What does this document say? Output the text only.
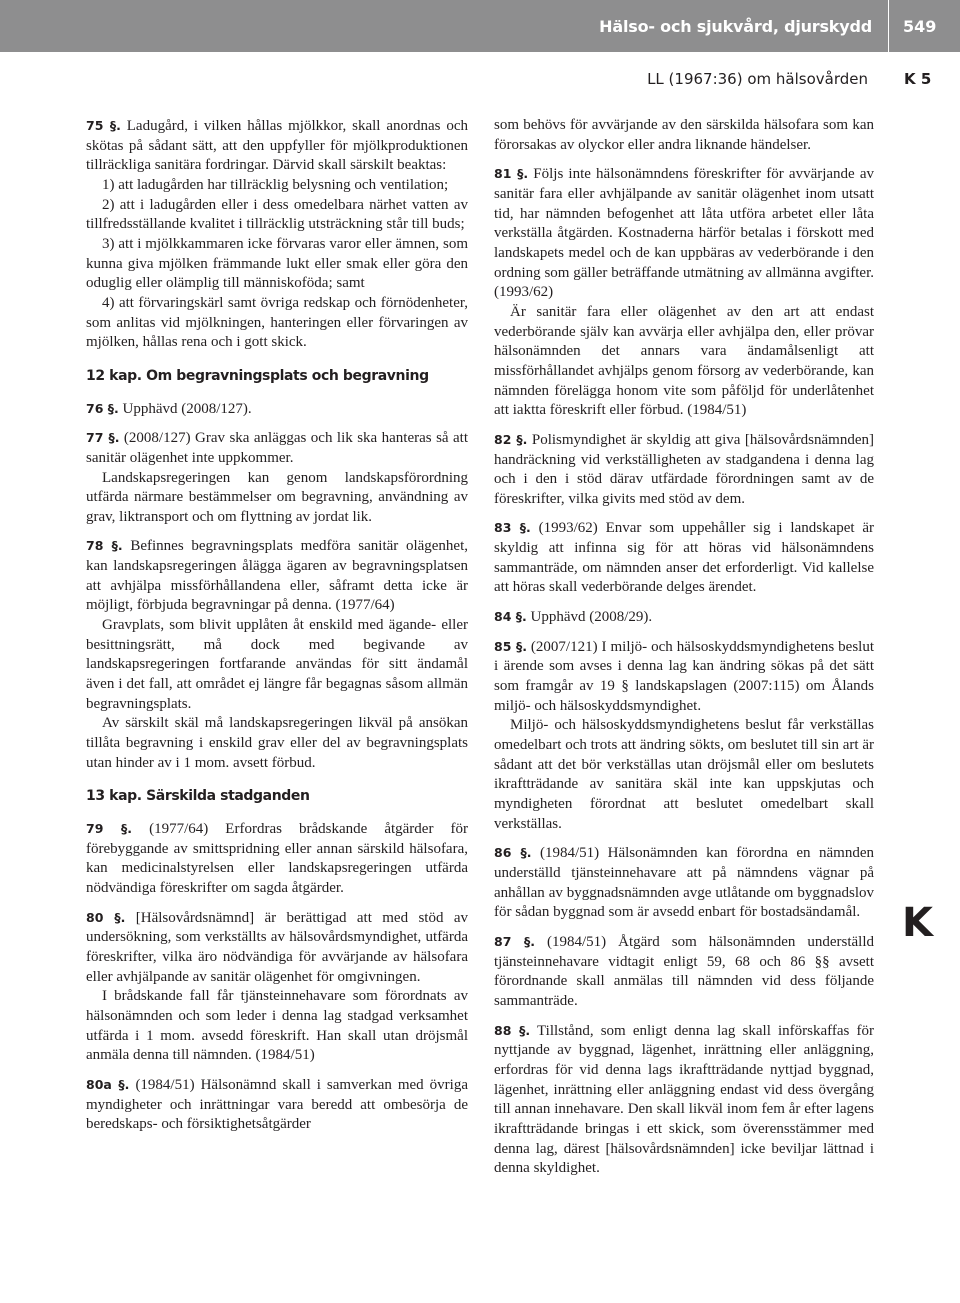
Hälso- och sjukvård, djurskydd 549
LL (1967:36) om hälsovården K 5

75 §. Ladugård, i vilken hållas mjölkkor, skall anordnas och skötas på sådant sätt, att den uppfyller för mjölkproduktionen tillräckliga sanitära fordringar. Därvid skall särskilt beaktas:

1) att ladugården har tillräcklig belysning och ventilation;

2) att i ladugården eller i dess omedelbara närhet vatten av tillfredsställande kvalitet i tillräcklig utsträckning står till buds;

3) att i mjölkkammaren icke förvaras varor eller ämnen, som kunna giva mjölken främmande lukt eller smak eller göra den oduglig eller olämplig till människoföda; samt

4) att förvaringskärl samt övriga redskap och förnödenheter, som anlitas vid mjölkningen, hanteringen eller förvaringen av mjölken, hållas rena och i gott skick.

12 kap. Om begravningsplats och begravning

76 §. Upphävd (2008/127).

77 §. (2008/127) Grav ska anläggas och lik ska hanteras så att sanitär olägenhet inte uppkommer.

Landskapsregeringen kan genom landskapsförordning utfärda närmare bestämmelser om begravning, användning av grav, liktransport och om flyttning av jordat lik.

78 §. Befinnes begravningsplats medföra sanitär olägenhet, kan landskapsregeringen ålägga ägaren av begravningsplatsen att avhjälpa missförhållandena eller, såframt detta icke är möjligt, förbjuda begravningar på denna. (1977/64)

Gravplats, som blivit upplåten åt enskild med ägande- eller besittningsrätt, må dock med begivande av landskapsregeringen fortfarande användas för sitt ändamål även i det fall, att området ej längre får begagnas såsom allmän begravningsplats.

Av särskilt skäl må landskapsregeringen likväl på ansökan tillåta begravning i enskild grav eller del av begravningsplats utan hinder av i 1 mom. avsett förbud.

13 kap. Särskilda stadganden

79 §. (1977/64) Erfordras brådskande åtgärder för förebyggande av smittspridning eller annan särskild hälsofara, kan medicinalstyrelsen eller landskapsregeringen utfärda nödvändiga föreskrifter om sagda åtgärder.

80 §. [Hälsovårdsnämnd] är berättigad att med stöd av undersökning, som verkställts av hälsovårdsmyndighet, utfärda föreskrifter, vilka äro nödvändiga för avvärjande av hälsofara eller avhjälpande av sanitär olägenhet för omgivningen.

I brådskande fall får tjänsteinnehavare som förordnats av hälsonämnden och som leder i denna lag stadgad verksamhet utfärda i 1 mom. avsedd föreskrift. Han skall utan dröjsmål anmäla denna till nämnden. (1984/51)

80a §. (1984/51) Hälsonämnd skall i samverkan med övriga myndigheter och inrättningar vara beredd att ombesörja de beredskaps- och försiktighetsåtgärder

som behövs för avvärjande av den särskilda hälsofara som kan förorsakas av olyckor eller andra liknande händelser.

81 §. Följs inte hälsonämndens föreskrifter för avvärjande av sanitär fara eller avhjälpande av sanitär olägenhet inom utsatt tid, har nämnden befogenhet att låta utföra arbetet eller låta verkställa åtgärden. Kostnaderna härför betalas i förskott med landskapets medel och de kan uppbäras av vederbörande i den ordning som gäller beträffande utmätning av allmänna avgifter. (1993/62)

Är sanitär fara eller olägenhet av den art att endast vederbörande själv kan avvärja eller avhjälpa den, eller prövar hälsonämnden det annars vara ändamålsenligt att missförhållandet avhjälps genom försorg av vederbörande, kan nämnden förelägga honom vite som påföljd för underlåtenhet att iaktta föreskrift eller förbud. (1984/51)

82 §. Polismyndighet är skyldig att giva [hälsovårdsnämnden] handräckning vid verkställigheten av stadgandena i denna lag och i den i stöd därav utfärdade förordningen samt av de föreskrifter, vilka givits med stöd av dem.

83 §. (1993/62) Envar som uppehåller sig i landskapet är skyldig att infinna sig för att höras vid hälsonämndens sammanträde, om nämnden anser det erforderligt. Vid kallelse att höras skall vederbörande delges ärendet.

84 §. Upphävd (2008/29).

85 §. (2007/121) I miljö- och hälsoskyddsmyndighetens beslut i ärende som avses i denna lag kan ändring sökas på det sätt som framgår av 19 § landskapslagen (2007:115) om Ålands miljö- och hälsoskyddsmyndighet.

Miljö- och hälsoskyddsmyndighetens beslut får verkställas omedelbart och trots att ändring sökts, om beslutet till sin art är sådant att det bör verkställas utan dröjsmål eller om beslutets ikraftträdande av sanitära skäl inte kan uppskjutas och myndigheten förordnat att beslutet omedelbart skall verkställas.

86 §. (1984/51) Hälsonämnden kan förordna en nämnden underställd tjänsteinnehavare att på nämndens vägnar på anhållan av byggnadsnämnden avge utlåtande om byggnadslov för sådan byggnad som är avsedd enbart för bostadsändamål.

87 §. (1984/51) Åtgärd som hälsonämnden underställd tjänsteinnehavare vidtagit enligt 59, 68 och 86 §§ avsett förordnande skall anmälas till nämnden vid dess följande sammanträde.

88 §. Tillstånd, som enligt denna lag skall införskaffas för nyttjande av byggnad, lägenhet, inrättning eller anläggning, erfordras för vid denna lags ikraftträdande nyttjad byggnad, lägenhet, inrättning eller anläggning endast vid dess övergång till annan innehavare. Den skall likväl inom fem år efter lagens ikraftträdande bringas i ett skick, som överensstämmer med denna lag, därest [hälsovårdsnämnden] icke beviljar lättnad i denna skyldighet.

K
